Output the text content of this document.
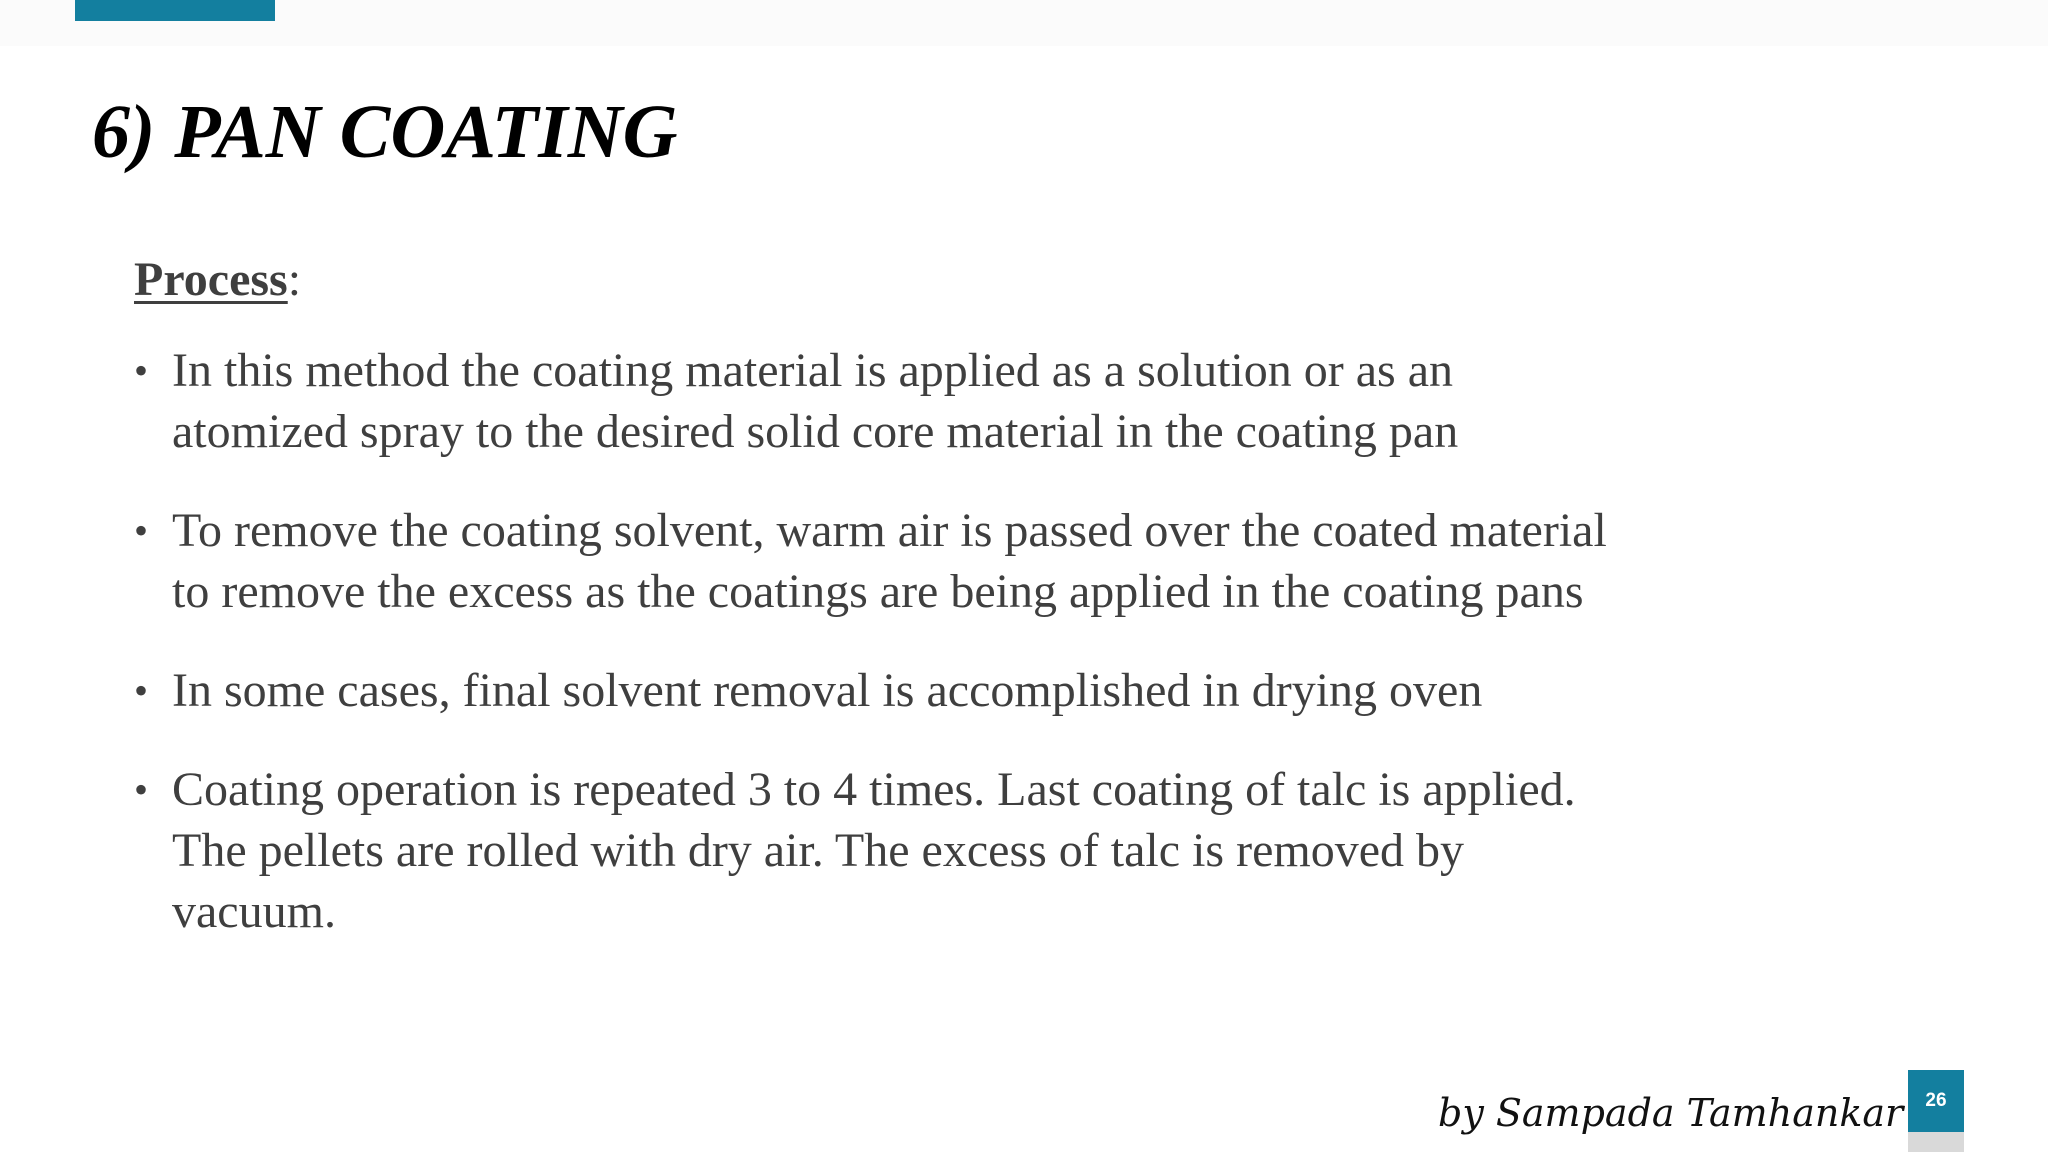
6) PAN COATING

Process:

• In this method the coating material is applied as a solution or as an
atomized spray to the desired solid core material in the coating pan
• To remove the coating solvent, warm air is passed over the coated material
to remove the excess as the coatings are being applied in the coating pans
• In some cases, final solvent removal is accomplished in drying oven
• Coating operation is repeated 3 to 4 times. Last coating of talc is applied.
The pellets are rolled with dry air. The excess of talc is removed by
vacuum.

by Sampada Tamhankar	26
